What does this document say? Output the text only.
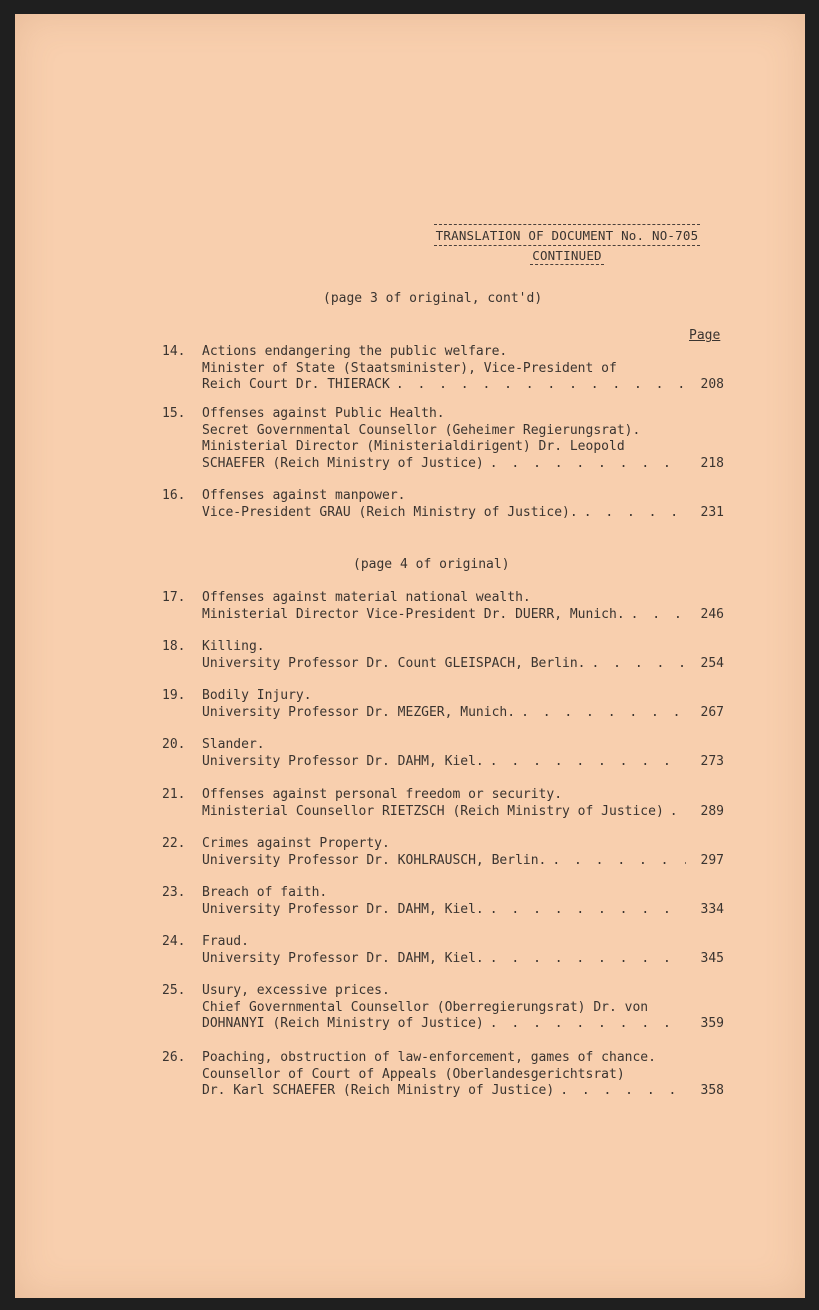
TRANSLATION OF DOCUMENT No. NO-705
CONTINUED
(page 3 of original, cont'd)
Page
(page 4 of original)
14.	Actions endangering the public welfare.
Minister of State (Staatsminister), Vice-President of
Reich Court Dr. THIERACK . . .	208
15.	Offenses against Public Health.
Secret Governmental Counsellor (Geheimer Regierungsrat).
Ministerial Director (Ministerialdirigent) Dr. Leopold
SCHAEFER (Reich Ministry of Justice) . . .	218
16.	Offenses against manpower.
Vice-President GRAU (Reich Ministry of Justice). . . .	231
17.	Offenses against material national wealth.
Ministerial Director Vice-President Dr. DUERR, Munich. . . .	246
18.	Killing.
University Professor Dr. Count GLEISPACH, Berlin. . . .	254
19.	Bodily Injury.
University Professor Dr. MEZGER, Munich. . . .	267
20.	Slander.
University Professor Dr. DAHM, Kiel. . . .	273
21.	Offenses against personal freedom or security.
Ministerial Counsellor RIETZSCH (Reich Ministry of Justice) . . .	289
22.	Crimes against Property.
University Professor Dr. KOHLRAUSCH, Berlin. . . .	297
23.	Breach of faith.
University Professor Dr. DAHM, Kiel. . . .	334
24.	Fraud.
University Professor Dr. DAHM, Kiel. . . .	345
25.	Usury, excessive prices.
Chief Governmental Counsellor (Oberregierungsrat) Dr. von
DOHNANYI (Reich Ministry of Justice) . . .	359
26.	Poaching, obstruction of law-enforcement, games of chance.
Counsellor of Court of Appeals (Oberlandesgerichtsrat)
Dr. Karl SCHAEFER (Reich Ministry of Justice) . . .	358
